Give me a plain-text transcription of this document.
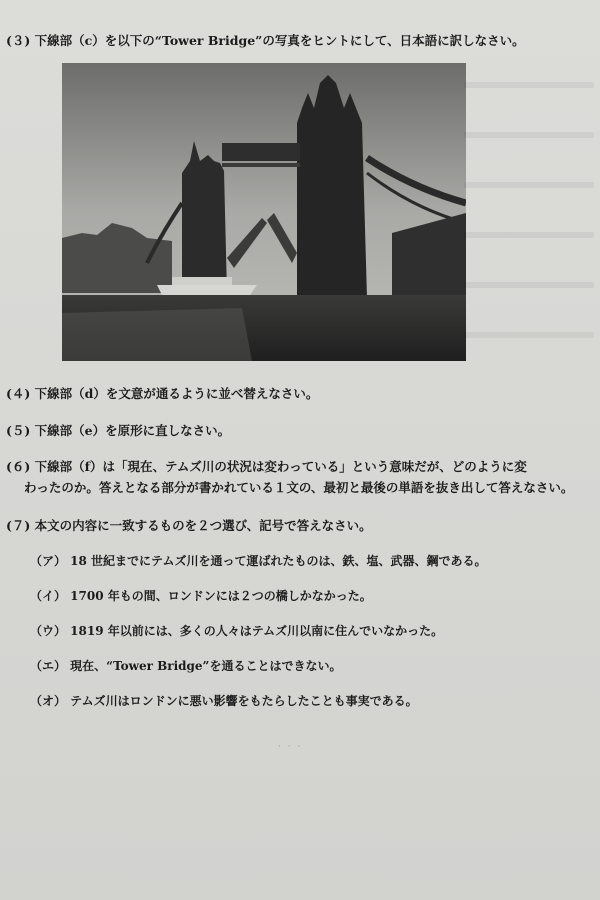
(３) 下線部（c）を以下の“Tower Bridge”の写真をヒントにして、日本語に訳しなさい。
(４) 下線部（d）を文意が通るように並べ替えなさい。
(５) 下線部（e）を原形に直しなさい。
(６) 下線部（f）は「現在、テムズ川の状況は変わっている」という意味だが、どのように変
わったのか。答えとなる部分が書かれている１文の、最初と最後の単語を抜き出して答えなさい。
(７) 本文の内容に一致するものを２つ選び、記号で答えなさい。
（ア） 18 世紀までにテムズ川を通って運ばれたものは、鉄、塩、武器、鋼である。
（イ） 1700 年もの間、ロンドンには２つの橋しかなかった。
（ウ） 1819 年以前には、多くの人々はテムズ川以南に住んでいなかった。
（エ） 現在、“Tower Bridge”を通ることはできない。
（オ） テムズ川はロンドンに悪い影響をもたらしたことも事実である。
· · ·
